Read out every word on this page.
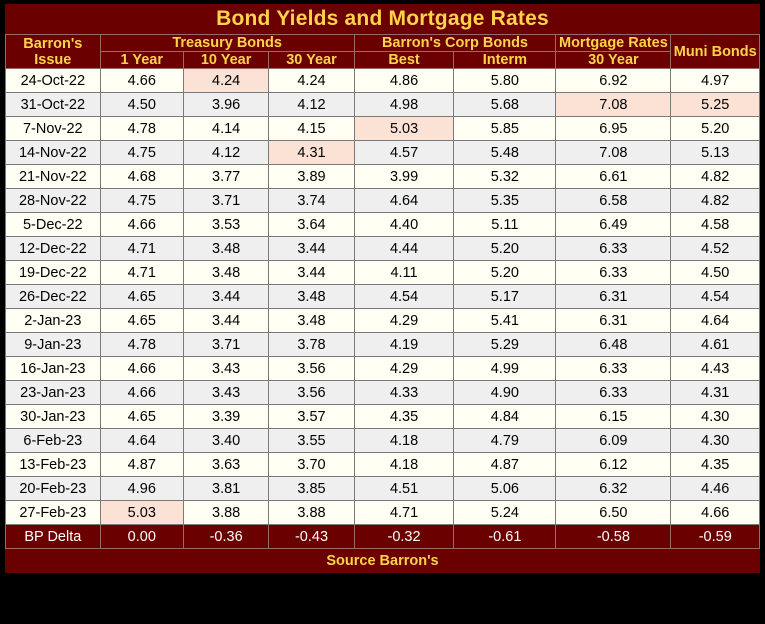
Bond Yields and Mortgage Rates
Barron's Issue	Treasury Bonds			Barron's Corp Bonds		Mortgage Rates	Muni Bonds
	1 Year	10 Year	30 Year	Best	Interm	30 Year	
24-Oct-22	4.66	4.24	4.24	4.86	5.80	6.92	4.97
31-Oct-22	4.50	3.96	4.12	4.98	5.68	7.08	5.25
7-Nov-22	4.78	4.14	4.15	5.03	5.85	6.95	5.20
14-Nov-22	4.75	4.12	4.31	4.57	5.48	7.08	5.13
21-Nov-22	4.68	3.77	3.89	3.99	5.32	6.61	4.82
28-Nov-22	4.75	3.71	3.74	4.64	5.35	6.58	4.82
5-Dec-22	4.66	3.53	3.64	4.40	5.11	6.49	4.58
12-Dec-22	4.71	3.48	3.44	4.44	5.20	6.33	4.52
19-Dec-22	4.71	3.48	3.44	4.11	5.20	6.33	4.50
26-Dec-22	4.65	3.44	3.48	4.54	5.17	6.31	4.54
2-Jan-23	4.65	3.44	3.48	4.29	5.41	6.31	4.64
9-Jan-23	4.78	3.71	3.78	4.19	5.29	6.48	4.61
16-Jan-23	4.66	3.43	3.56	4.29	4.99	6.33	4.43
23-Jan-23	4.66	3.43	3.56	4.33	4.90	6.33	4.31
30-Jan-23	4.65	3.39	3.57	4.35	4.84	6.15	4.30
6-Feb-23	4.64	3.40	3.55	4.18	4.79	6.09	4.30
13-Feb-23	4.87	3.63	3.70	4.18	4.87	6.12	4.35
20-Feb-23	4.96	3.81	3.85	4.51	5.06	6.32	4.46
27-Feb-23	5.03	3.88	3.88	4.71	5.24	6.50	4.66
BP Delta	0.00	-0.36	-0.43	-0.32	-0.61	-0.58	-0.59
Source Barron's
